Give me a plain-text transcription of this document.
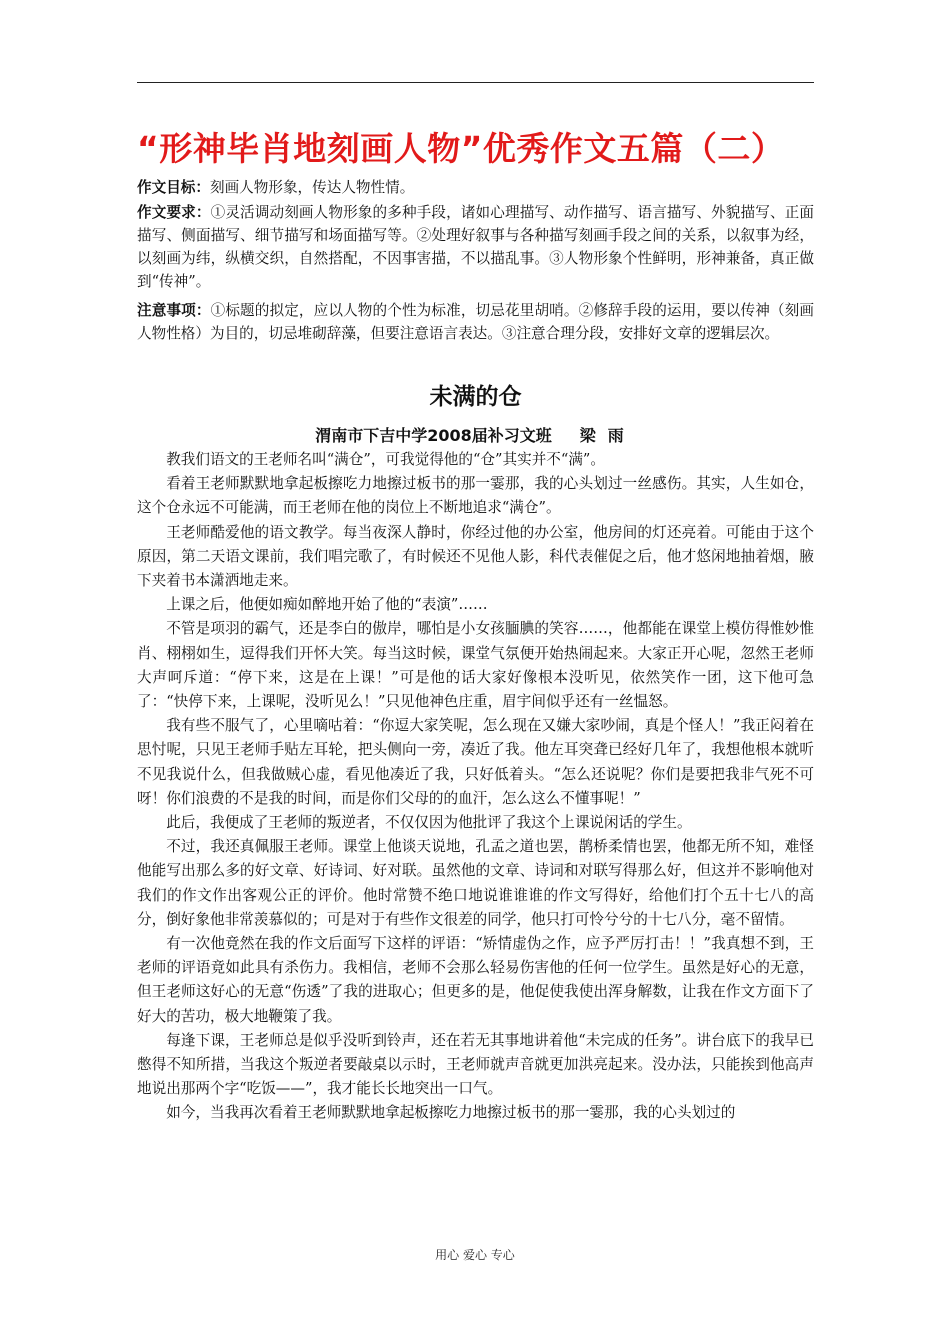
“形神毕肖地刻画人物”优秀作文五篇（二）

作文目标：刻画人物形象，传达人物性情。

作文要求：①灵活调动刻画人物形象的多种手段，诸如心理描写、动作描写、语言描写、外貌描写、正面描写、侧面描写、细节描写和场面描写等。②处理好叙事与各种描写刻画手段之间的关系，以叙事为经，以刻画为纬，纵横交织，自然搭配，不因事害描，不以描乱事。③人物形象个性鲜明，形神兼备，真正做到“传神”。

注意事项：①标题的拟定，应以人物的个性为标准，切忌花里胡哨。②修辞手段的运用，要以传神（刻画人物性格）为目的，切忌堆砌辞藻，但要注意语言表达。③注意合理分段，安排好文章的逻辑层次。

未满的仓

渭南市下吉中学2008届补习文班 梁雨

教我们语文的王老师名叫“满仓”，可我觉得他的“仓”其实并不“满”。

看着王老师默默地拿起板擦吃力地擦过板书的那一霎那，我的心头划过一丝感伤。其实，人生如仓，这个仓永远不可能满，而王老师在他的岗位上不断地追求“满仓”。

王老师酷爱他的语文教学。每当夜深人静时，你经过他的办公室，他房间的灯还亮着。可能由于这个原因，第二天语文课前，我们唱完歌了，有时候还不见他人影，科代表催促之后，他才悠闲地抽着烟，腋下夹着书本潇洒地走来。

上课之后，他便如痴如醉地开始了他的“表演”……

不管是项羽的霸气，还是李白的傲岸，哪怕是小女孩腼腆的笑容……，他都能在课堂上模仿得惟妙惟肖、栩栩如生，逗得我们开怀大笑。每当这时候，课堂气氛便开始热闹起来。大家正开心呢，忽然王老师大声呵斥道：“停下来，这是在上课！”可是他的话大家好像根本没听见，依然笑作一团，这下他可急了：“快停下来，上课呢，没听见么！”只见他神色庄重，眉宇间似乎还有一丝愠怒。

我有些不服气了，心里嘀咕着：“你逗大家笑呢，怎么现在又嫌大家吵闹，真是个怪人！”我正闷着在思忖呢，只见王老师手贴左耳轮，把头侧向一旁，凑近了我。他左耳突聋已经好几年了，我想他根本就听不见我说什么，但我做贼心虚，看见他凑近了我，只好低着头。“怎么还说呢？你们是要把我非气死不可呀！你们浪费的不是我的时间，而是你们父母的的血汗，怎么这么不懂事呢！”

此后，我便成了王老师的叛逆者，不仅仅因为他批评了我这个上课说闲话的学生。

不过，我还真佩服王老师。课堂上他谈天说地，孔孟之道也罢，鹊桥柔情也罢，他都无所不知，难怪他能写出那么多的好文章、好诗词、好对联。虽然他的文章、诗词和对联写得那么好，但这并不影响他对我们的作文作出客观公正的评价。他时常赞不绝口地说谁谁谁的作文写得好，给他们打个五十七八的高分，倒好象他非常羡慕似的；可是对于有些作文很差的同学，他只打可怜兮兮的十七八分，毫不留情。

有一次他竟然在我的作文后面写下这样的评语：“矫情虚伪之作，应予严厉打击！！”我真想不到，王老师的评语竟如此具有杀伤力。我相信，老师不会那么轻易伤害他的任何一位学生。虽然是好心的无意，但王老师这好心的无意“伤透”了我的进取心；但更多的是，他促使我使出浑身解数，让我在作文方面下了好大的苦功，极大地鞭策了我。

每逢下课，王老师总是似乎没听到铃声，还在若无其事地讲着他“未完成的任务”。讲台底下的我早已憋得不知所措，当我这个叛逆者要敲桌以示时，王老师就声音就更加洪亮起来。没办法，只能挨到他高声地说出那两个字“吃饭——”，我才能长长地突出一口气。

如今，当我再次看着王老师默默地拿起板擦吃力地擦过板书的那一霎那，我的心头划过的

用心 爱心 专心
